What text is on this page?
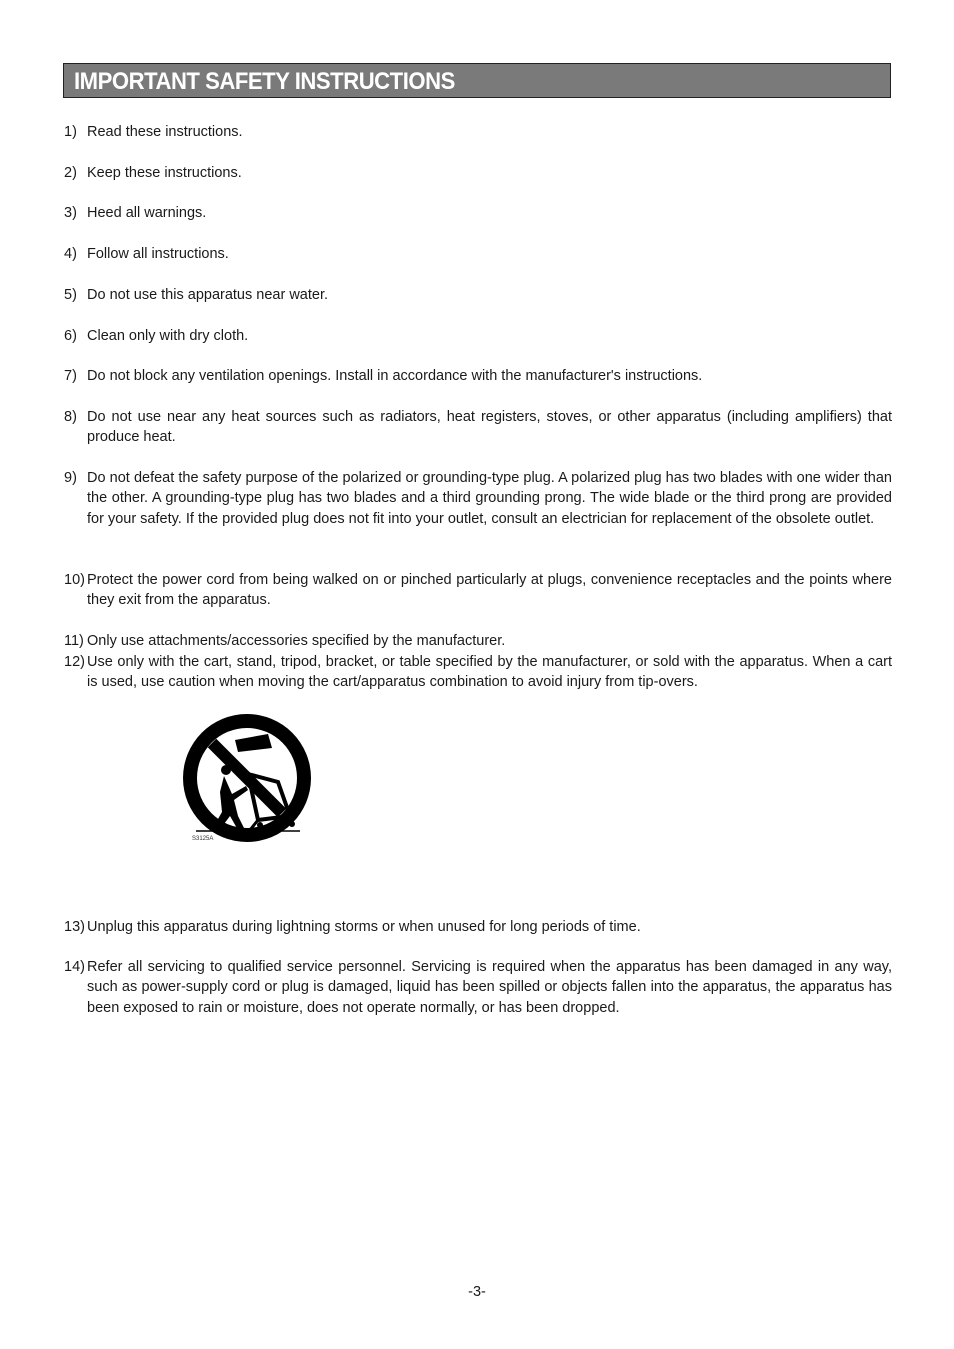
IMPORTANT SAFETY INSTRUCTIONS
1) Read these instructions.
2) Keep these instructions.
3) Heed all warnings.
4) Follow all instructions.
5) Do not use this apparatus near water.
6) Clean only with dry cloth.
7) Do not block any ventilation openings. Install in accordance with the manufacturer's instructions.
8) Do not use near any heat sources such as radiators, heat registers, stoves, or other apparatus (including amplifiers) that produce heat.
9) Do not defeat the safety purpose of the polarized or grounding-type plug. A polarized plug has two blades with one wider than the other. A grounding-type plug has two blades and a third grounding prong. The wide blade or the third prong are provided for your safety. If the provided plug does not fit into your outlet, consult an electrician for replacement of the obsolete outlet.
10) Protect the power cord from being walked on or pinched particularly at plugs, convenience receptacles and the points where they exit from the apparatus.
11) Only use attachments/accessories specified by the manufacturer.
12) Use only with the cart, stand, tripod, bracket, or table specified by the manufacturer, or sold with the apparatus. When a cart is used, use caution when moving the cart/apparatus combination to avoid injury from tip-overs.
S3125A
13) Unplug this apparatus during lightning storms or when unused for long periods of time.
14) Refer all servicing to qualified service personnel. Servicing is required when the apparatus has been damaged in any way, such as power-supply cord or plug is damaged, liquid has been spilled or objects fallen into the apparatus, the apparatus has been exposed to rain or moisture, does not operate normally, or has been dropped.
-3-
